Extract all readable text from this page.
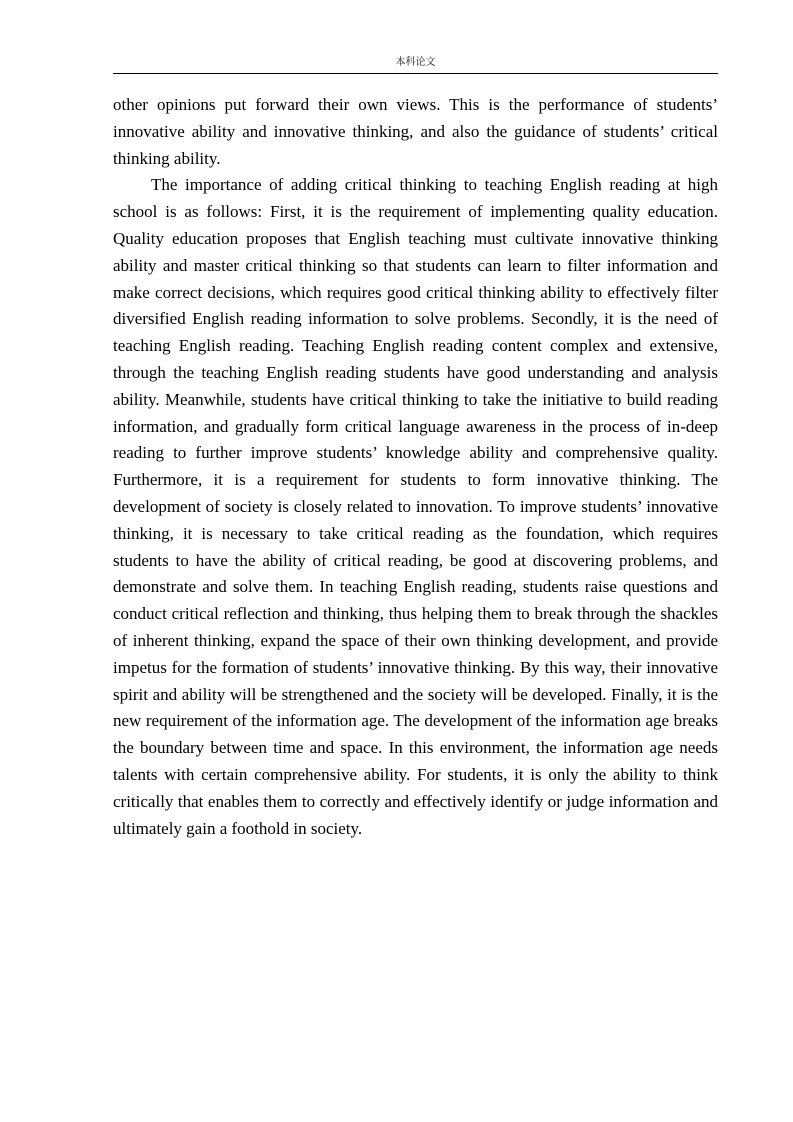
本科论文

other opinions put forward their own views. This is the performance of students’ innovative ability and innovative thinking, and also the guidance of students’ critical thinking ability.

The importance of adding critical thinking to teaching English reading at high school is as follows: First, it is the requirement of implementing quality education. Quality education proposes that English teaching must cultivate innovative thinking ability and master critical thinking so that students can learn to filter information and make correct decisions, which requires good critical thinking ability to effectively filter diversified English reading information to solve problems. Secondly, it is the need of teaching English reading. Teaching English reading content complex and extensive, through the teaching English reading students have good understanding and analysis ability. Meanwhile, students have critical thinking to take the initiative to build reading information, and gradually form critical language awareness in the process of in-deep reading to further improve students’ knowledge ability and comprehensive quality. Furthermore, it is a requirement for students to form innovative thinking. The development of society is closely related to innovation. To improve students’ innovative thinking, it is necessary to take critical reading as the foundation, which requires students to have the ability of critical reading, be good at discovering problems, and demonstrate and solve them. In teaching English reading, students raise questions and conduct critical reflection and thinking, thus helping them to break through the shackles of inherent thinking, expand the space of their own thinking development, and provide impetus for the formation of students’ innovative thinking. By this way, their innovative spirit and ability will be strengthened and the society will be developed. Finally, it is the new requirement of the information age. The development of the information age breaks the boundary between time and space. In this environment, the information age needs talents with certain comprehensive ability. For students, it is only the ability to think critically that enables them to correctly and effectively identify or judge information and ultimately gain a foothold in society.
